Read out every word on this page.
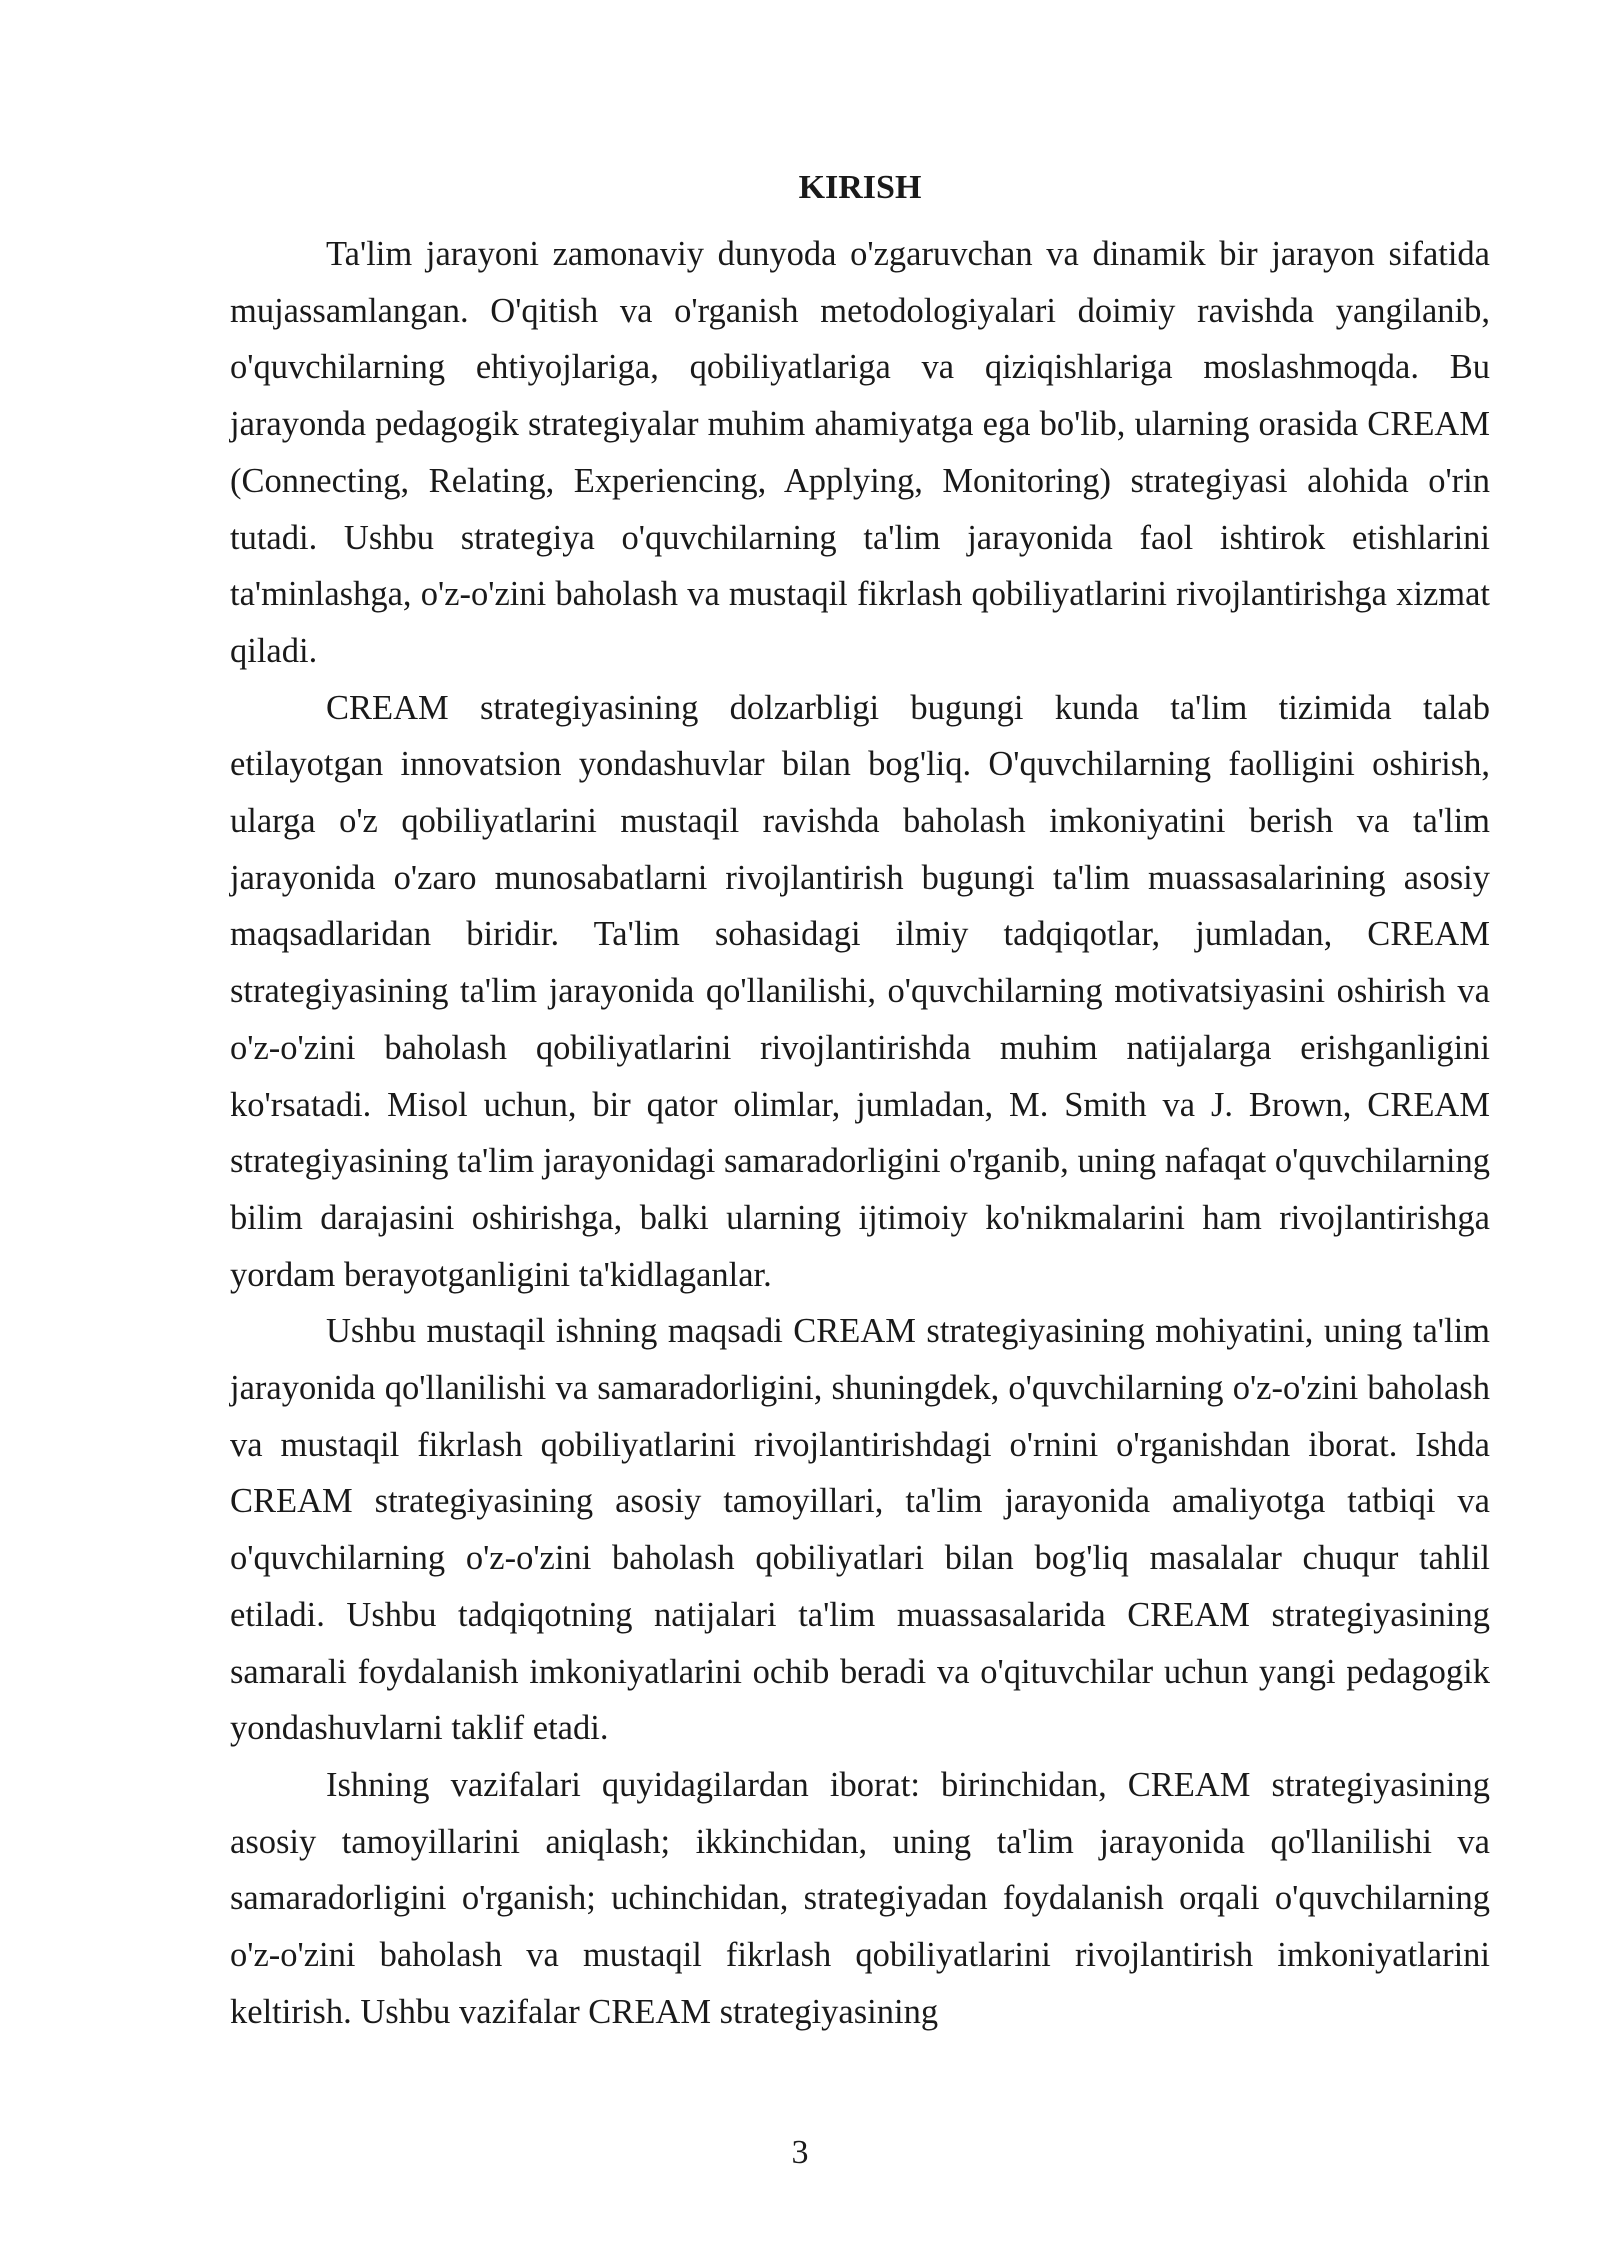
KIRISH

Ta'lim jarayoni zamonaviy dunyoda o'zgaruvchan va dinamik bir jarayon sifatida mujassamlangan. O'qitish va o'rganish metodologiyalari doimiy ravishda yangilanib, o'quvchilarning ehtiyojlariga, qobiliyatlariga va qiziqishlariga moslashmoqda. Bu jarayonda pedagogik strategiyalar muhim ahamiyatga ega bo'lib, ularning orasida CREAM (Connecting, Relating, Experiencing, Applying, Monitoring) strategiyasi alohida o'rin tutadi. Ushbu strategiya o'quvchilarning ta'lim jarayonida faol ishtirok etishlarini ta'minlashga, o'z-o'zini baholash va mustaqil fikrlash qobiliyatlarini rivojlantirishga xizmat qiladi.

CREAM strategiyasining dolzarbligi bugungi kunda ta'lim tizimida talab etilayotgan innovatsion yondashuvlar bilan bog'liq. O'quvchilarning faolligini oshirish, ularga o'z qobiliyatlarini mustaqil ravishda baholash imkoniyatini berish va ta'lim jarayonida o'zaro munosabatlarni rivojlantirish bugungi ta'lim muassasalarining asosiy maqsadlaridan biridir. Ta'lim sohasidagi ilmiy tadqiqotlar, jumladan, CREAM strategiyasining ta'lim jarayonida qo'llanilishi, o'quvchilarning motivatsiyasini oshirish va o'z-o'zini baholash qobiliyatlarini rivojlantirishda muhim natijalarga erishganligini ko'rsatadi. Misol uchun, bir qator olimlar, jumladan, M. Smith va J. Brown, CREAM strategiyasining ta'lim jarayonidagi samaradorligini o'rganib, uning nafaqat o'quvchilarning bilim darajasini oshirishga, balki ularning ijtimoiy ko'nikmalarini ham rivojlantirishga yordam berayotganligini ta'kidlaganlar.

Ushbu mustaqil ishning maqsadi CREAM strategiyasining mohiyatini, uning ta'lim jarayonida qo'llanilishi va samaradorligini, shuningdek, o'quvchilarning o'z-o'zini baholash va mustaqil fikrlash qobiliyatlarini rivojlantirishdagi o'rnini o'rganishdan iborat. Ishda CREAM strategiyasining asosiy tamoyillari, ta'lim jarayonida amaliyotga tatbiqi va o'quvchilarning o'z-o'zini baholash qobiliyatlari bilan bog'liq masalalar chuqur tahlil etiladi. Ushbu tadqiqotning natijalari ta'lim muassasalarida CREAM strategiyasining samarali foydalanish imkoniyatlarini ochib beradi va o'qituvchilar uchun yangi pedagogik yondashuvlarni taklif etadi.

Ishning vazifalari quyidagilardan iborat: birinchidan, CREAM strategiyasining asosiy tamoyillarini aniqlash; ikkinchidan, uning ta'lim jarayonida qo'llanilishi va samaradorligini o'rganish; uchinchidan, strategiyadan foydalanish orqali o'quvchilarning o'z-o'zini baholash va mustaqil fikrlash qobiliyatlarini rivojlantirish imkoniyatlarini keltirish. Ushbu vazifalar CREAM strategiyasining

3
